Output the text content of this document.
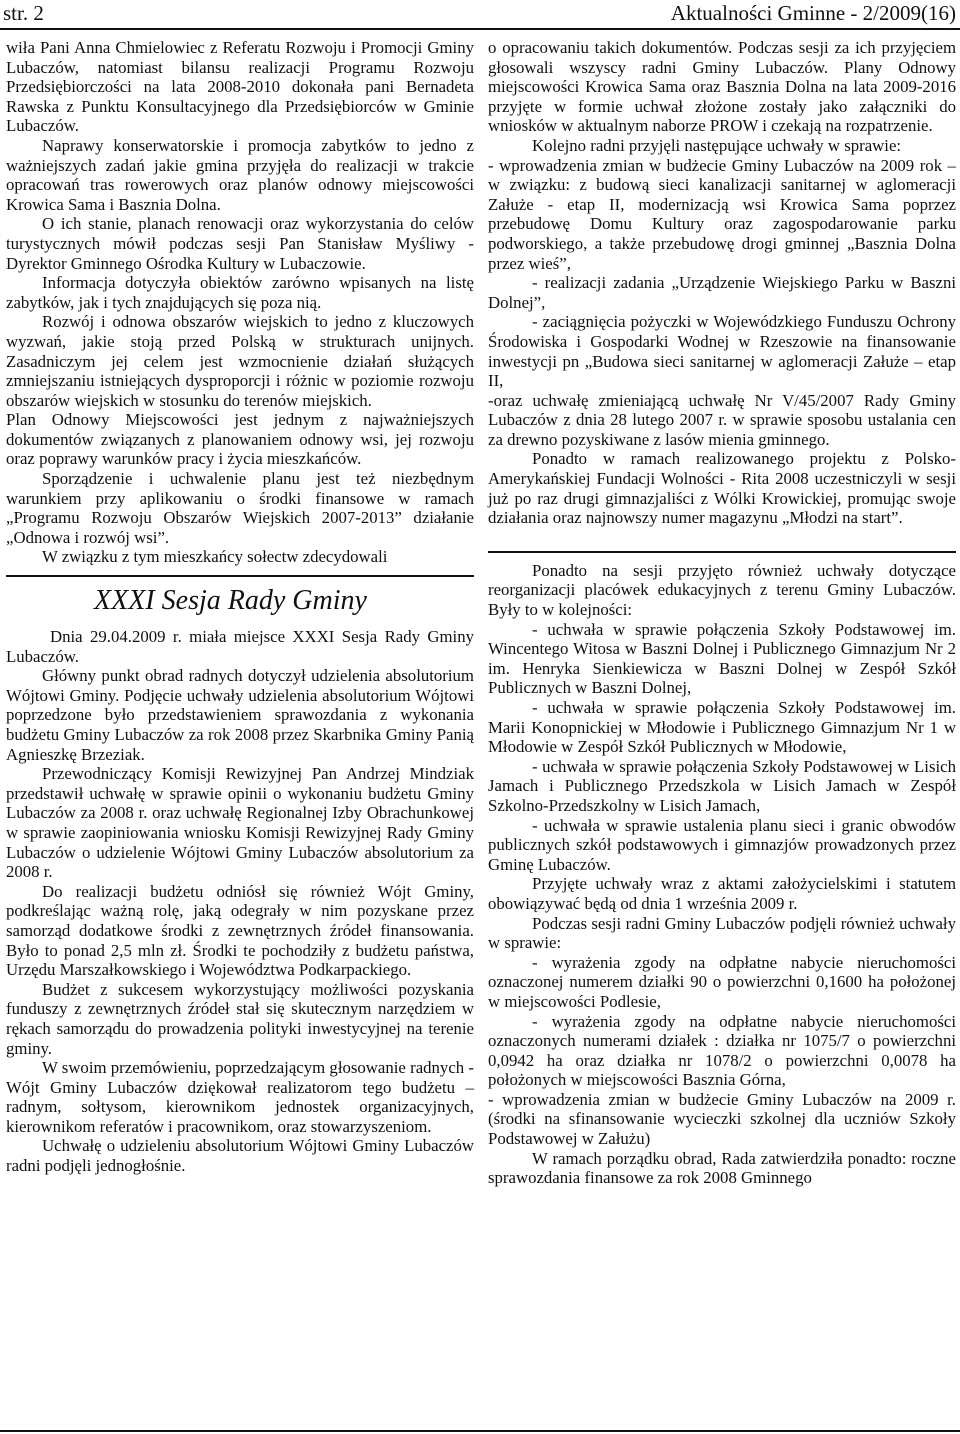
str. 2	Aktualności Gminne - 2/2009(16)

wiła Pani Anna Chmielowiec z Referatu Rozwoju i Promocji Gminy Lubaczów, natomiast bilansu realizacji Programu Rozwoju Przedsiębiorczości na lata 2008-2010 dokonała pani Bernadeta Rawska z Punktu Konsultacyjnego dla Przedsiębiorców w Gminie Lubaczów.

Naprawy konserwatorskie i promocja zabytków to jedno z ważniejszych zadań jakie gmina przyjęła do realizacji w trakcie opracowań tras rowerowych oraz planów odnowy miejscowości Krowica Sama i Basznia Dolna.

O ich stanie, planach renowacji oraz wykorzystania do celów turystycznych mówił podczas sesji Pan Stanisław Myśliwy - Dyrektor Gminnego Ośrodka Kultury w Lubaczowie.

Informacja dotyczyła obiektów zarówno wpisanych na listę zabytków, jak i tych znajdujących się poza nią.

Rozwój i odnowa obszarów wiejskich to jedno z kluczowych wyzwań, jakie stoją przed Polską w strukturach unijnych. Zasadniczym jej celem jest wzmocnienie działań służących zmniejszaniu istniejących dysproporcji i różnic w poziomie rozwoju obszarów wiejskich w stosunku do terenów miejskich.

Plan Odnowy Miejscowości jest jednym z najważniejszych dokumentów związanych z planowaniem odnowy wsi, jej rozwoju oraz poprawy warunków pracy i życia mieszkańców.

Sporządzenie i uchwalenie planu jest też niezbędnym warunkiem przy aplikowaniu o środki finansowe w ramach „Programu Rozwoju Obszarów Wiejskich 2007-2013” działanie „Odnowa i rozwój wsi”.

W związku z tym mieszkańcy sołectw zdecydowali

XXXI Sesja Rady Gminy

Dnia 29.04.2009 r. miała miejsce XXXI Sesja Rady Gminy Lubaczów.

Główny punkt obrad radnych dotyczył udzielenia absolutorium Wójtowi Gminy. Podjęcie uchwały udzielenia absolutorium Wójtowi poprzedzone było przedstawieniem sprawozdania z wykonania budżetu Gminy Lubaczów za rok 2008 przez Skarbnika Gminy Panią Agnieszkę Brzeziak.

Przewodniczący Komisji Rewizyjnej Pan Andrzej Mindziak przedstawił uchwałę w sprawie opinii o wykonaniu budżetu Gminy Lubaczów za 2008 r. oraz uchwałę Regionalnej Izby Obrachunkowej w sprawie zaopiniowania wniosku Komisji Rewizyjnej Rady Gminy Lubaczów o udzielenie Wójtowi Gminy Lubaczów absolutorium za 2008 r.

Do realizacji budżetu odniósł się również Wójt Gminy, podkreślając ważną rolę, jaką odegrały w nim pozyskane przez samorząd dodatkowe środki z zewnętrznych źródeł finansowania. Było to ponad 2,5 mln zł. Środki te pochodziły z budżetu państwa, Urzędu Marszałkowskiego i Województwa Podkarpackiego.

Budżet z sukcesem wykorzystujący możliwości pozyskania funduszy z zewnętrznych źródeł stał się skutecznym narzędziem w rękach samorządu do prowadzenia polityki inwestycyjnej na terenie gminy.

W swoim przemówieniu, poprzedzającym głosowanie radnych - Wójt Gminy Lubaczów dziękował realizatorom tego budżetu – radnym, sołtysom, kierownikom jednostek organizacyjnych, kierownikom referatów i pracownikom, oraz stowarzyszeniom.

Uchwałę o udzieleniu absolutorium Wójtowi Gminy Lubaczów radni podjęli jednogłośnie.

o opracowaniu takich dokumentów. Podczas sesji za ich przyjęciem głosowali wszyscy radni Gminy Lubaczów. Plany Odnowy miejscowości Krowica Sama oraz Basznia Dolna na lata 2009-2016 przyjęte w formie uchwał złożone zostały jako załączniki do wniosków w aktualnym naborze PROW i czekają na rozpatrzenie.

Kolejno radni przyjęli następujące uchwały w sprawie:

- wprowadzenia zmian w budżecie Gminy Lubaczów na 2009 rok – w związku: z budową sieci kanalizacji sanitarnej w aglomeracji Załuże - etap II, modernizacją wsi Krowica Sama poprzez przebudowę Domu Kultury oraz zagospodarowanie parku podworskiego, a także przebudowę drogi gminnej „Basznia Dolna przez wieś”,

- realizacji zadania „Urządzenie Wiejskiego Parku w Baszni Dolnej”,

- zaciągnięcia pożyczki w Wojewódzkiego Funduszu Ochrony Środowiska i Gospodarki Wodnej w Rzeszowie na finansowanie inwestycji pn „Budowa sieci sanitarnej w aglomeracji Załuże – etap II,

-oraz uchwałę zmieniającą uchwałę Nr V/45/2007 Rady Gminy Lubaczów z dnia 28 lutego 2007 r. w sprawie sposobu ustalania cen za drewno pozyskiwane z lasów mienia gminnego.

Ponadto w ramach realizowanego projektu z Polsko-Amerykańskiej Fundacji Wolności - Rita 2008 uczestniczyli w sesji już po raz drugi gimnazjaliści z Wólki Krowickiej, promując swoje działania oraz najnowszy numer magazynu „Młodzi na start”.

Ponadto na sesji przyjęto również uchwały dotyczące reorganizacji placówek edukacyjnych z terenu Gminy Lubaczów. Były to w kolejności:

- uchwała w sprawie połączenia Szkoły Podstawowej im. Wincentego Witosa w Baszni Dolnej i Publicznego Gimnazjum Nr 2 im. Henryka Sienkiewicza w Baszni Dolnej w Zespół Szkół Publicznych w Baszni Dolnej,

- uchwała w sprawie połączenia Szkoły Podstawowej im. Marii Konopnickiej w Młodowie i Publicznego Gimnazjum Nr 1 w Młodowie w Zespół Szkół Publicznych w Młodowie,

- uchwała w sprawie połączenia Szkoły Podstawowej w Lisich Jamach i Publicznego Przedszkola w Lisich Jamach w Zespół Szkolno-Przedszkolny w Lisich Jamach,

- uchwała w sprawie ustalenia planu sieci i granic obwodów publicznych szkół podstawowych i gimnazjów prowadzonych przez Gminę Lubaczów.

Przyjęte uchwały wraz z aktami założycielskimi i statutem obowiązywać będą od dnia 1 września 2009 r.

Podczas sesji radni Gminy Lubaczów podjęli również uchwały w sprawie:

- wyrażenia zgody na odpłatne nabycie nieruchomości oznaczonej numerem działki 90 o powierzchni 0,1600 ha położonej w miejscowości Podlesie,

- wyrażenia zgody na odpłatne nabycie nieruchomości oznaczonych numerami działek : działka nr 1075/7 o powierzchni 0,0942 ha oraz działka nr 1078/2 o powierzchni 0,0078 ha położonych w miejscowości Basznia Górna,

- wprowadzenia zmian w budżecie Gminy Lubaczów na 2009 r. (środki na sfinansowanie wycieczki szkolnej dla uczniów Szkoły Podstawowej w Załużu)

W ramach porządku obrad, Rada zatwierdziła ponadto: roczne sprawozdania finansowe za rok 2008 Gminnego
